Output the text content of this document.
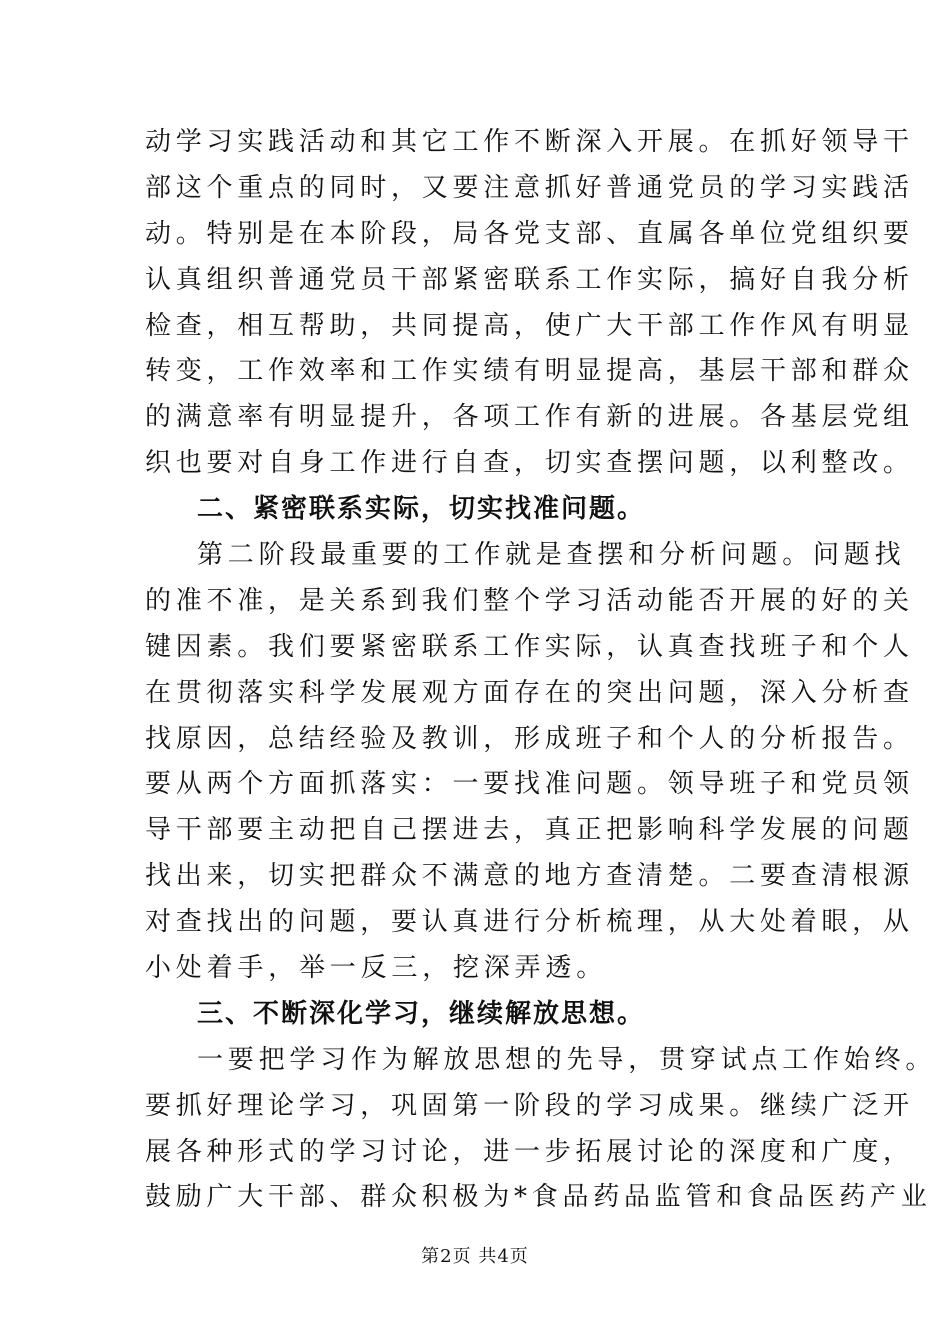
动学习实践活动和其它工作不断深入开展。在抓好领导干
部这个重点的同时，又要注意抓好普通党员的学习实践活
动。特别是在本阶段，局各党支部、直属各单位党组织要
认真组织普通党员干部紧密联系工作实际，搞好自我分析
检查，相互帮助，共同提高，使广大干部工作作风有明显
转变，工作效率和工作实绩有明显提高，基层干部和群众
的满意率有明显提升，各项工作有新的进展。各基层党组
织也要对自身工作进行自查，切实查摆问题，以利整改。
二、紧密联系实际，切实找准问题。
第二阶段最重要的工作就是查摆和分析问题。问题找
的准不准，是关系到我们整个学习活动能否开展的好的关
键因素。我们要紧密联系工作实际，认真查找班子和个人
在贯彻落实科学发展观方面存在的突出问题，深入分析查
找原因，总结经验及教训，形成班子和个人的分析报告。
要从两个方面抓落实：一要找准问题。领导班子和党员领
导干部要主动把自己摆进去，真正把影响科学发展的问题
找出来，切实把群众不满意的地方查清楚。二要查清根源
对查找出的问题，要认真进行分析梳理，从大处着眼，从
小处着手，举一反三，挖深弄透。
三、不断深化学习，继续解放思想。
一要把学习作为解放思想的先导，贯穿试点工作始终。
要抓好理论学习，巩固第一阶段的学习成果。继续广泛开
展各种形式的学习讨论，进一步拓展讨论的深度和广度，
鼓励广大干部、群众积极为*食品药品监管和食品医药产业
第2页 共4页
